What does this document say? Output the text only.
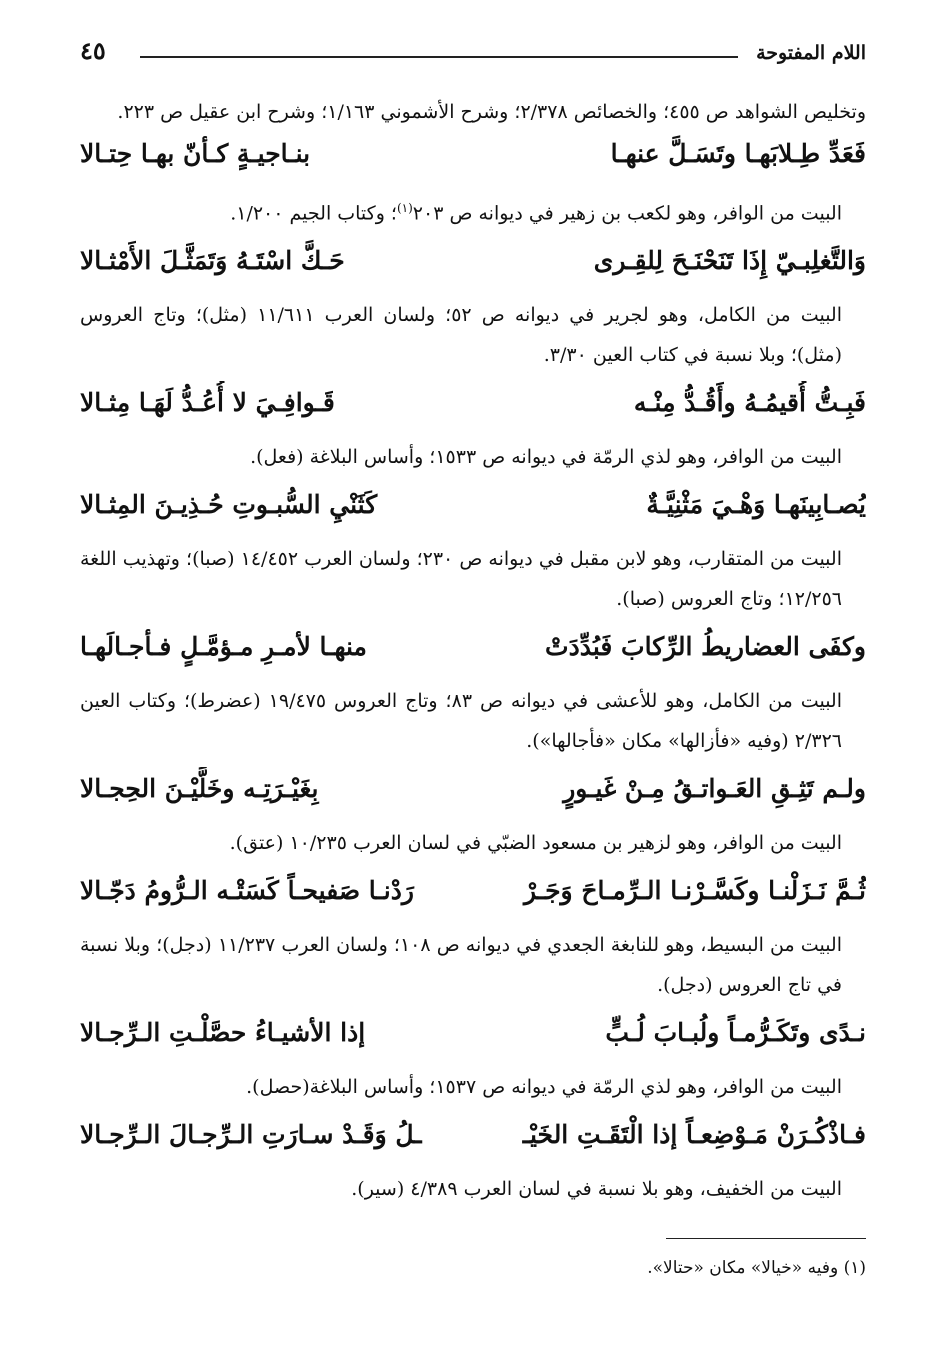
اللام المفتوحة
٤٥

وتخليص الشواهد ص ٤٥٥؛ والخصائص ٢/٣٧٨؛ وشرح الأشموني ١/١٦٣؛ وشرح ابن عقيل ص ٢٢٣.

فَعَدِّ طِـلابَهـا وتَسَـلَّ عنهـا
بنـاجيـةٍ كـأنّ بهـا حِتـالا

البيت من الوافر، وهو لكعب بن زهير في ديوانه ص ٢٠٣$^{(١)}$؛ وكتاب الجيم ١/٢٠٠.

وَالتَّغلِبـيّ إِذَا تَنَحْنَـحَ لِلقِـرى
حَـكَّ اسْتَـهُ وَتَمَثَّـلَ الأَمْثـالا

البيت من الكامل، وهو لجرير في ديوانه ص ٥٢؛ ولسان العرب ١١/٦١١ (مثل)؛ وتاج العروس (مثل)؛ وبلا نسبة في كتاب العين ٣/٣٠.

فَبِـتُّ أُقيمُـهُ وأَقُـدُّ مِنْـه
قَـوافِـيَ لا أُعُـدُّ لَهَـا مِثـالا

البيت من الوافر، وهو لذي الرمّة في ديوانه ص ١٥٣٣؛ وأساس البلاغة (فعل).

يُصـابِينَهـا وَهْـيَ مَثْنِيَّـةٌ
كَثَنْيِ السُّبـوتِ حُـذِيـنَ المِثـالا

البيت من المتقارب، وهو لابن مقبل في ديوانه ص ٢٣٠؛ ولسان العرب ١٤/٤٥٢ (صبا)؛ وتهذيب اللغة ١٢/٢٥٦؛ وتاج العروس (صبا).

وكفَى العضاريطُ الرِّكابَ فَبُدِّدَتْ
منهـا لأمـرِ مـؤمَّـلٍ فـأجـالَهـا

البيت من الكامل، وهو للأعشى في ديوانه ص ٨٣؛ وتاج العروس ١٩/٤٧٥ (عضرط)؛ وكتاب العين ٢/٣٢٦ (وفيه «فأزالها» مكان «فأجالها»).

ولـم تَثِـقِ العَـواتـقُ مِـنْ غَيـورٍ
بِغَيْـرَتِـه وخَلَّيْـنَ الحِجـالا

البيت من الوافر، وهو لزهير بن مسعود الضبّي في لسان العرب ١٠/٢٣٥ (عتق).

ثُـمَّ نَـزَلْنـا وكَسَّـرْنـا الـرِّمـاحَ وَجَـرْ
رَدْنـا صَفيحـاً كَسَتْـه الـرُّومُ دَجّـالا

البيت من البسيط، وهو للنابغة الجعدي في ديوانه ص ١٠٨؛ ولسان العرب ١١/٢٣٧ (دجل)؛ وبلا نسبة في تاج العروس (دجل).

نـدًى وتَكَـرُّمـاً ولُبـابَ لُـبٍّ
إذا الأشيـاءُ حصَّلْـتِ الـرِّجـالا

البيت من الوافر، وهو لذي الرمّة في ديوانه ص ١٥٣٧؛ وأساس البلاغة(حصل).

فـاذْكُـرَنْ مَـوْضِعـاً إذا الْتَقَـتِ الخَيْـ
ـلُ وَقَـدْ سـارَتِ الـرِّجـالَ الـرِّجـالا

البيت من الخفيف، وهو بلا نسبة في لسان العرب ٤/٣٨٩ (سير).

(١) وفيه «خيالا» مكان «حتالا».
